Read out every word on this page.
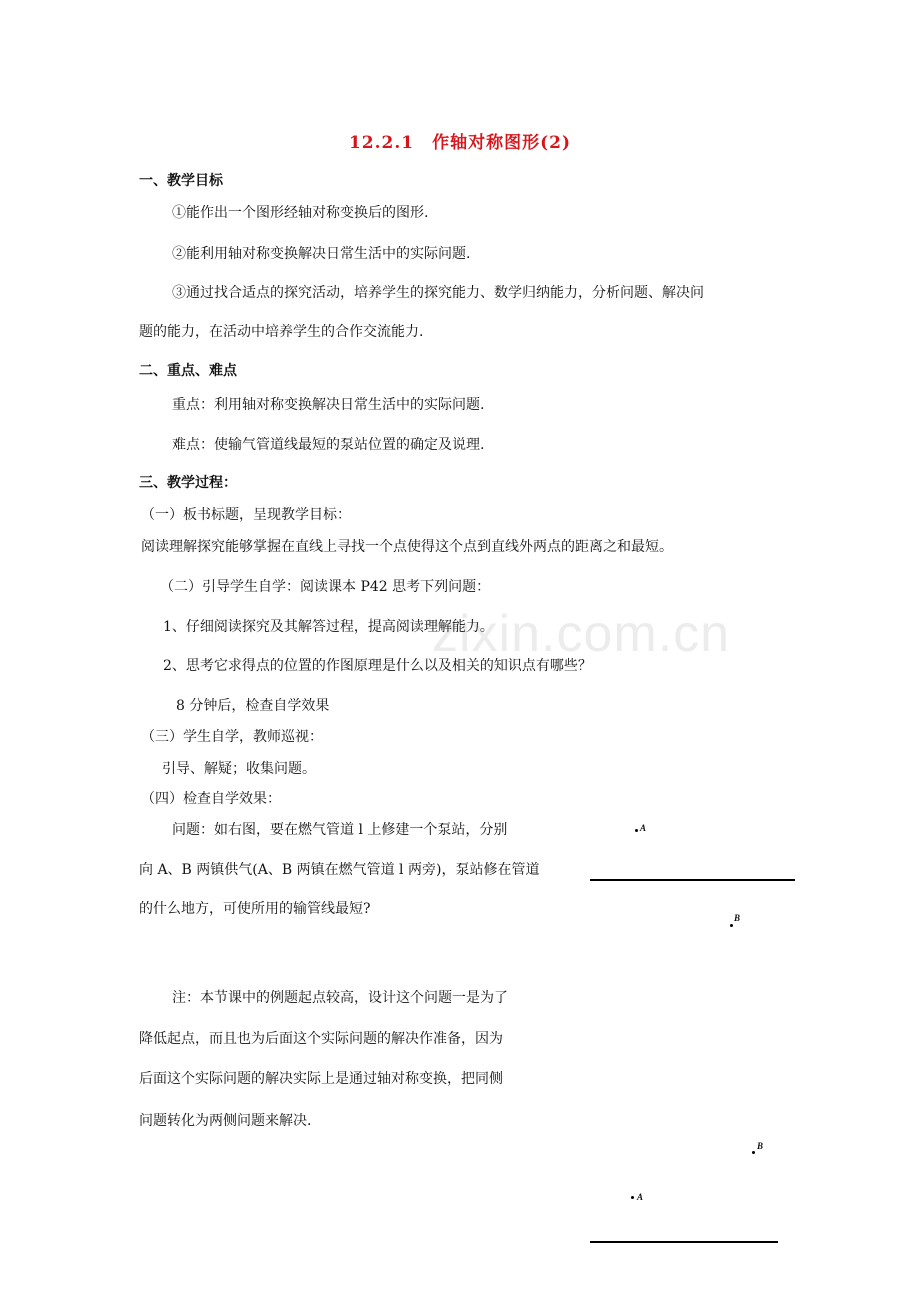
zixin.com.cn
12.2.1　作轴对称图形(2)
一、教学目标
①能作出一个图形经轴对称变换后的图形.
②能利用轴对称变换解决日常生活中的实际问题.
③通过找合适点的探究活动，培养学生的探究能力、数学归纳能力，分析问题、解决问
题的能力，在活动中培养学生的合作交流能力.
二、重点、难点
重点：利用轴对称变换解决日常生活中的实际问题.
难点：使输气管道线最短的泵站位置的确定及说理.
三、教学过程：
（一）板书标题，呈现教学目标：
阅读理解探究能够掌握在直线上寻找一个点使得这个点到直线外两点的距离之和最短。
（二）引导学生自学：阅读课本 P42 思考下列问题：
1、仔细阅读探究及其解答过程，提高阅读理解能力。
2、思考它求得点的位置的作图原理是什么以及相关的知识点有哪些？
8 分钟后，检查自学效果
（三）学生自学，教师巡视：
引导、解疑；收集问题。
（四）检查自学效果：
问题：如右图，要在燃气管道 l 上修建一个泵站，分别
向 A、B 两镇供气(A、B 两镇在燃气管道 l 两旁)，泵站修在管道
的什么地方，可使所用的输管线最短?
注：本节课中的例题起点较高，设计这个问题一是为了
降低起点，而且也为后面这个实际问题的解决作准备，因为
后面这个实际问题的解决实际上是通过轴对称变换，把同侧
问题转化为两侧问题来解决.
A
B
B
A
